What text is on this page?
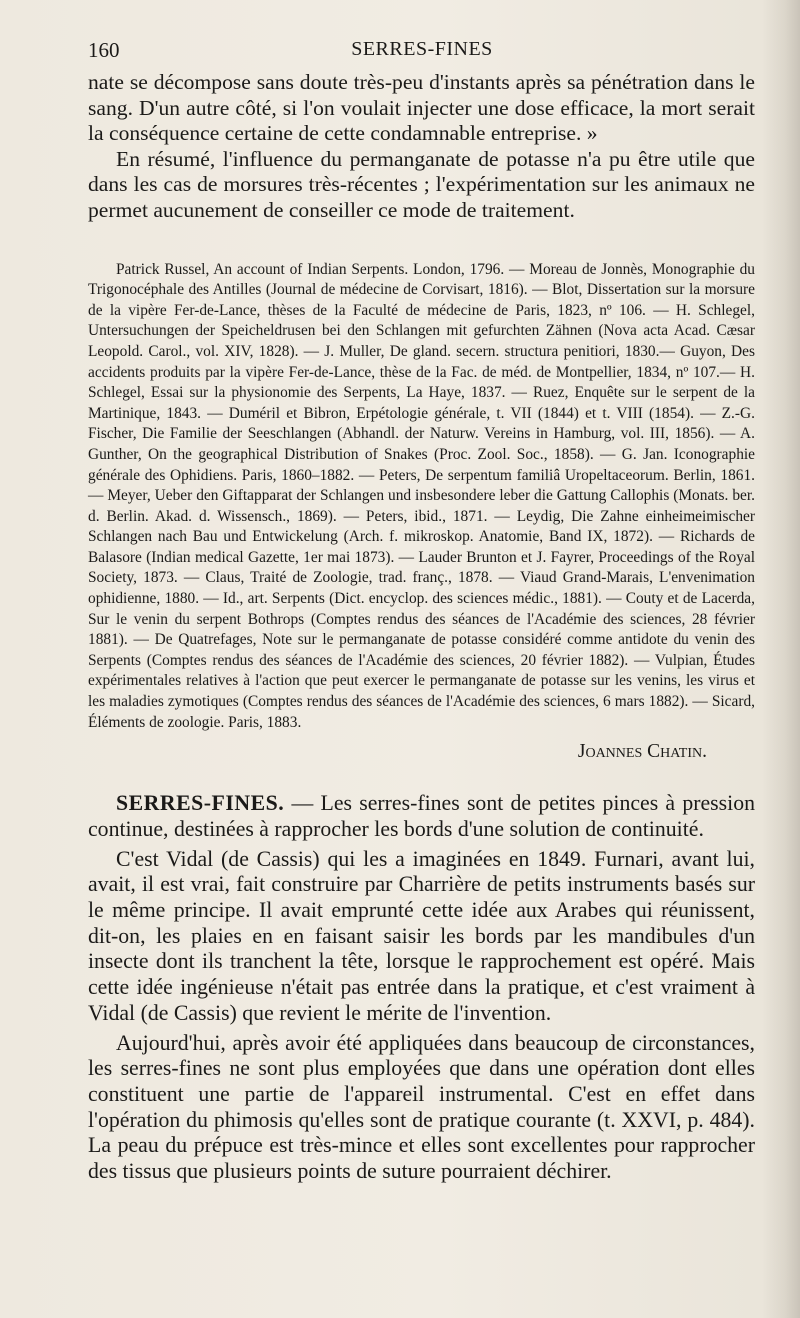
160	SERRES-FINES

nate se décompose sans doute très-peu d'instants après sa pénétration dans le sang. D'un autre côté, si l'on voulait injecter une dose efficace, la mort serait la conséquence certaine de cette condamnable entreprise. »

En résumé, l'influence du permanganate de potasse n'a pu être utile que dans les cas de morsures très-récentes ; l'expérimentation sur les animaux ne permet aucunement de conseiller ce mode de traitement.

Patrick Russel, An account of Indian Serpents. London, 1796. — Moreau de Jonnès, Monographie du Trigonocéphale des Antilles (Journal de médecine de Corvisart, 1816). — Blot, Dissertation sur la morsure de la vipère Fer-de-Lance, thèses de la Faculté de médecine de Paris, 1823, nº 106. — H. Schlegel, Untersuchungen der Speicheldrusen bei den Schlangen mit gefurchten Zähnen (Nova acta Acad. Cæsar Leopold. Carol., vol. XIV, 1828). — J. Muller, De gland. secern. structura penitiori, 1830.— Guyon, Des accidents produits par la vipère Fer-de-Lance, thèse de la Fac. de méd. de Montpellier, 1834, nº 107.— H. Schlegel, Essai sur la physionomie des Serpents, La Haye, 1837. — Ruez, Enquête sur le serpent de la Martinique, 1843. — Duméril et Bibron, Erpétologie générale, t. VII (1844) et t. VIII (1854). — Z.-G. Fischer, Die Familie der Seeschlangen (Abhandl. der Naturw. Vereins in Hamburg, vol. III, 1856). — A. Gunther, On the geographical Distribution of Snakes (Proc. Zool. Soc., 1858). — G. Jan. Iconographie générale des Ophidiens. Paris, 1860–1882. — Peters, De serpentum familiâ Uropeltaceorum. Berlin, 1861. — Meyer, Ueber den Giftapparat der Schlangen und insbesondere leber die Gattung Callophis (Monats. ber. d. Berlin. Akad. d. Wissensch., 1869). — Peters, ibid., 1871. — Leydig, Die Zahne einheimeimischer Schlangen nach Bau und Entwickelung (Arch. f. mikroskop. Anatomie, Band IX, 1872). — Richards de Balasore (Indian medical Gazette, 1er mai 1873). — Lauder Brunton et J. Fayrer, Proceedings of the Royal Society, 1873. — Claus, Traité de Zoologie, trad. franç., 1878. — Viaud Grand-Marais, L'envenimation ophidienne, 1880. — Id., art. Serpents (Dict. encyclop. des sciences médic., 1881). — Couty et de Lacerda, Sur le venin du serpent Bothrops (Comptes rendus des séances de l'Académie des sciences, 28 février 1881). — De Quatrefages, Note sur le permanganate de potasse considéré comme antidote du venin des Serpents (Comptes rendus des séances de l'Académie des sciences, 20 février 1882). — Vulpian, Études expérimentales relatives à l'action que peut exercer le permanganate de potasse sur les venins, les virus et les maladies zymotiques (Comptes rendus des séances de l'Académie des sciences, 6 mars 1882). — Sicard, Éléments de zoologie. Paris, 1883.

Joannes Chatin.

SERRES-FINES. — Les serres-fines sont de petites pinces à pression continue, destinées à rapprocher les bords d'une solution de continuité.

C'est Vidal (de Cassis) qui les a imaginées en 1849. Furnari, avant lui, avait, il est vrai, fait construire par Charrière de petits instruments basés sur le même principe. Il avait emprunté cette idée aux Arabes qui réunissent, dit-on, les plaies en en faisant saisir les bords par les mandibules d'un insecte dont ils tranchent la tête, lorsque le rapprochement est opéré. Mais cette idée ingénieuse n'était pas entrée dans la pratique, et c'est vraiment à Vidal (de Cassis) que revient le mérite de l'invention.

Aujourd'hui, après avoir été appliquées dans beaucoup de circonstances, les serres-fines ne sont plus employées que dans une opération dont elles constituent une partie de l'appareil instrumental. C'est en effet dans l'opération du phimosis qu'elles sont de pratique courante (t. XXVI, p. 484). La peau du prépuce est très-mince et elles sont excellentes pour rapprocher des tissus que plusieurs points de suture pourraient déchirer.
